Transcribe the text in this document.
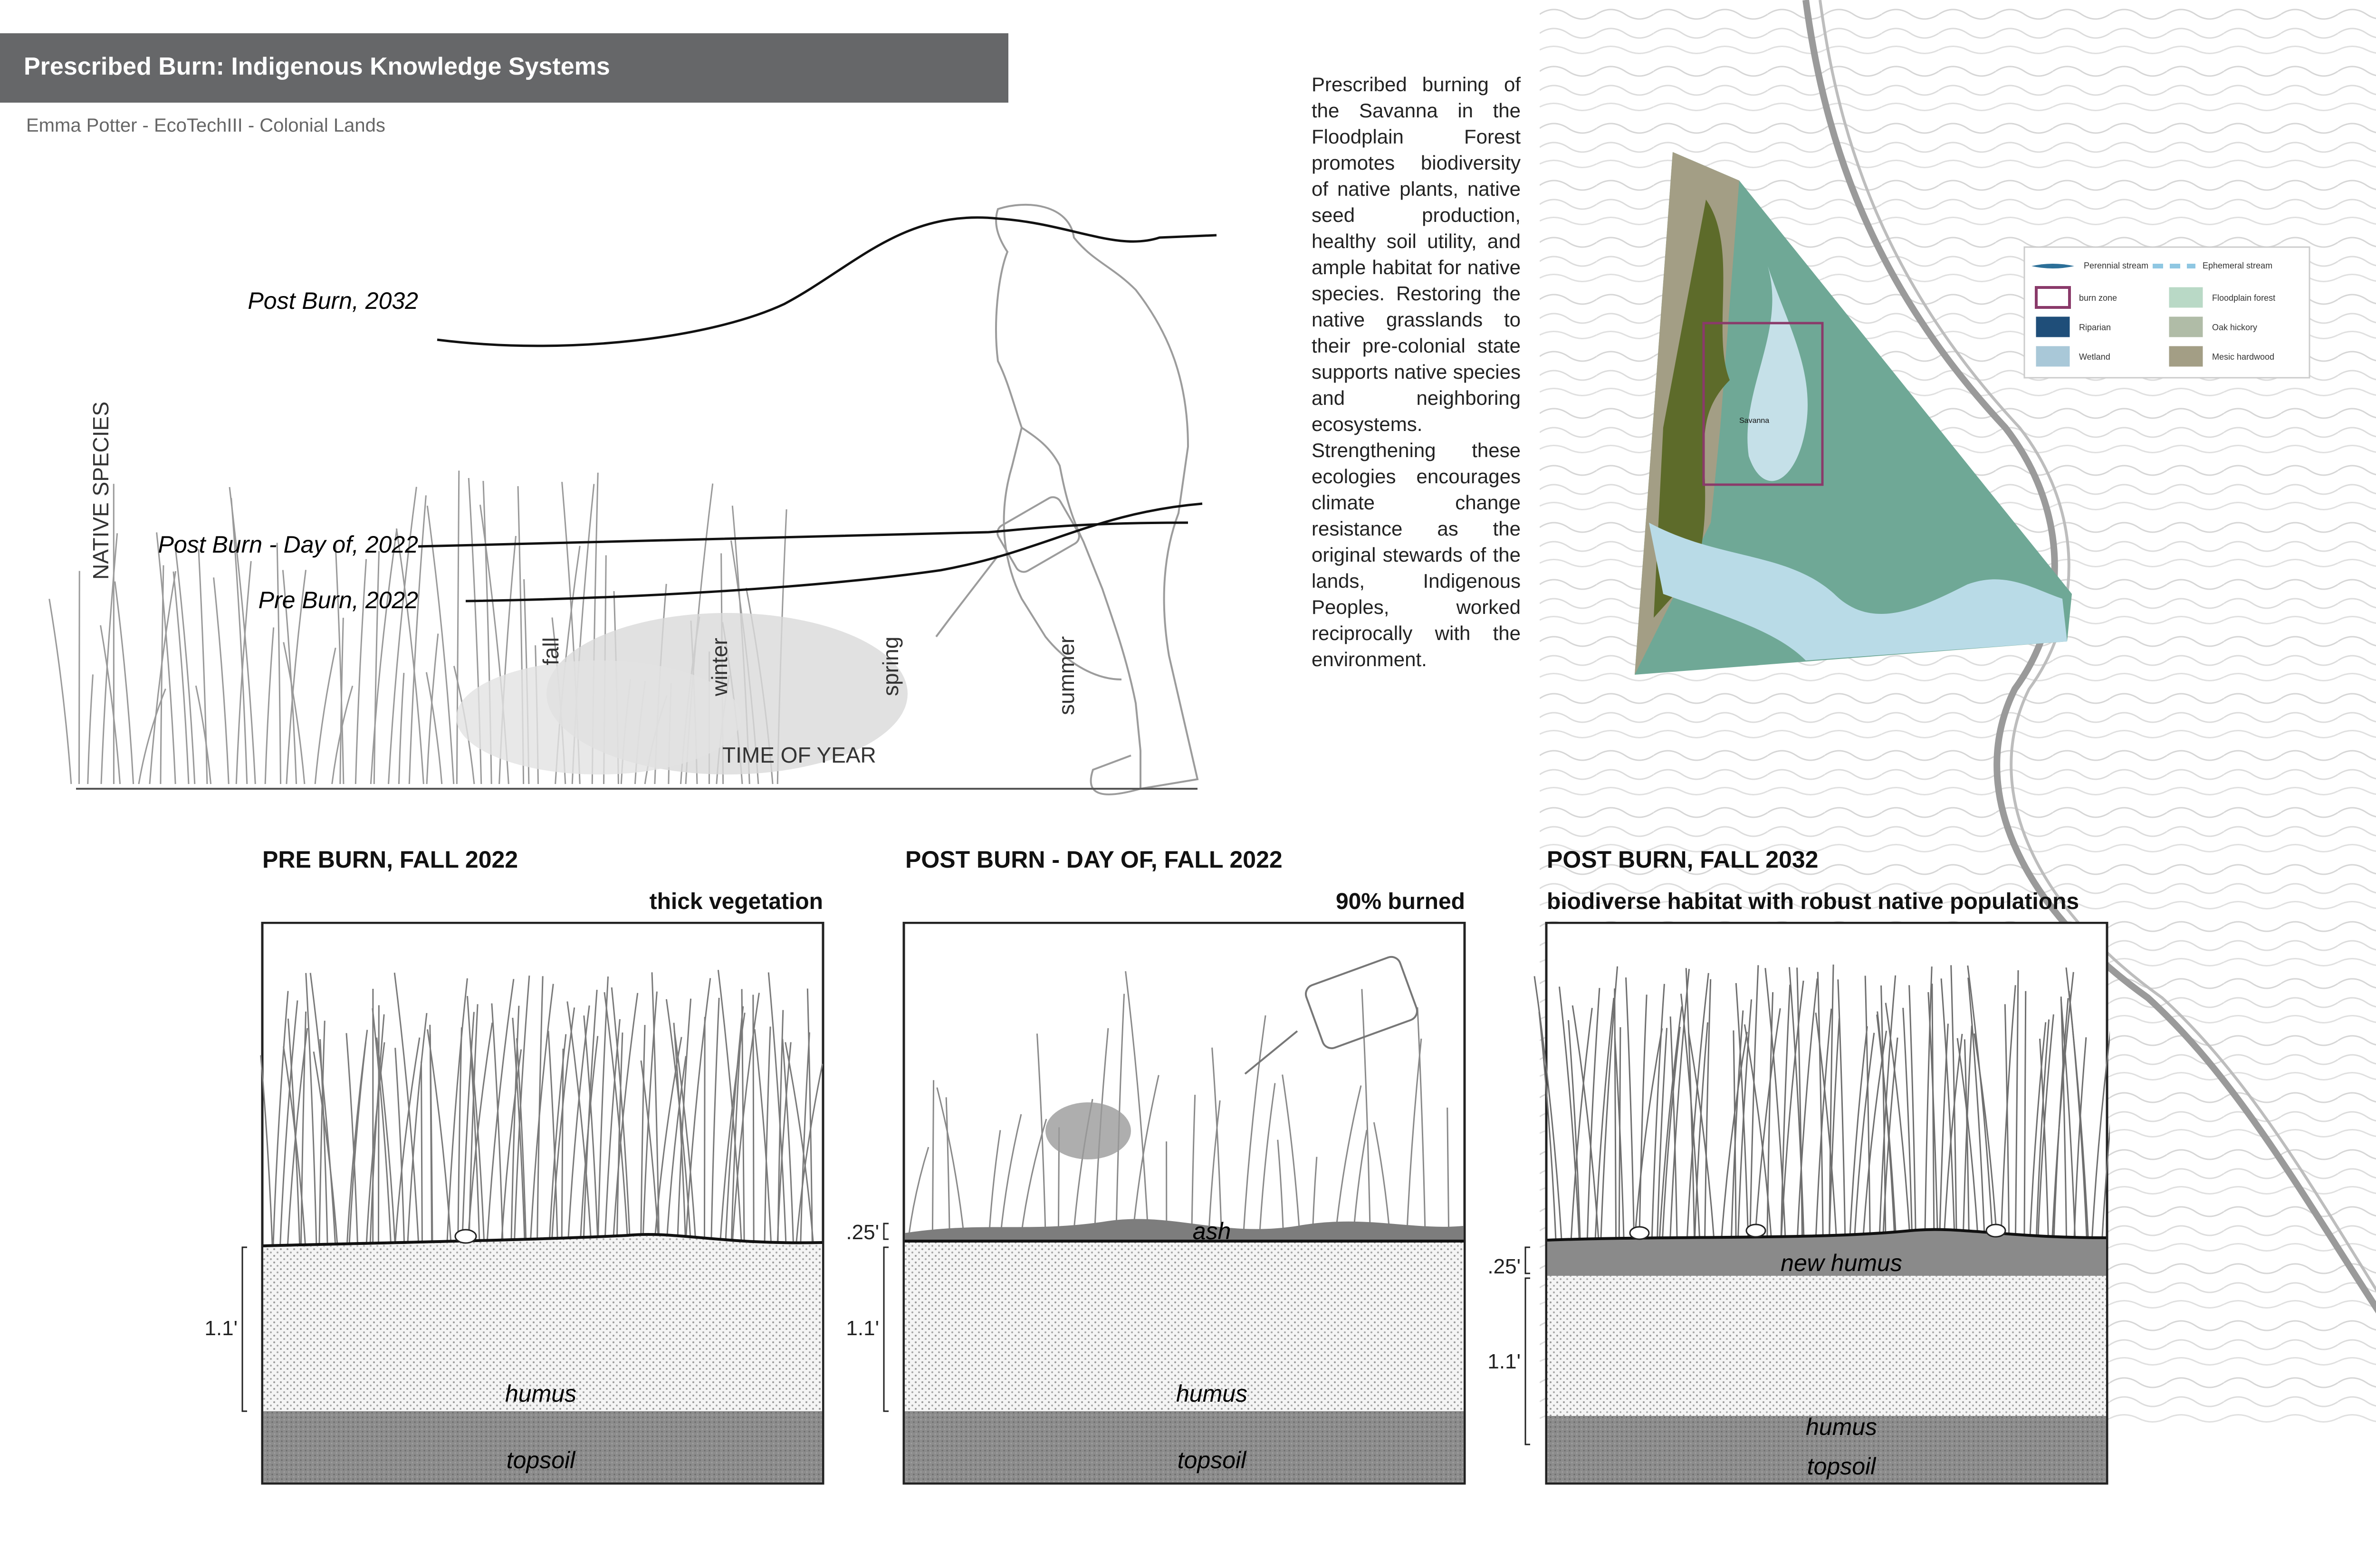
Prescribed Burn: Indigenous Knowledge Systems
Emma Potter - EcoTechIII - Colonial Lands
Prescribed burning of the Savanna in the Floodplain Forest promotes biodiversity of native plants, native seed production, healthy soil utility, and ample habitat for native species. Restoring the native grasslands to their pre-colonial state supports native species and neighboring ecosystems. Strengthening these ecologies encourages climate change resistance as the original stewards of the lands, Indigenous Peoples, worked reciprocally with the environment.
Savanna
Perennial stream	Ephemeral stream
burn zone	Floodplain forest
Riparian	Oak hickory
Wetland	Mesic hardwood
Post Burn, 2032
Post Burn - Day of, 2022
Pre Burn, 2022
NATIVE SPECIES
TIME OF YEAR
fall	winter	spring	summer
PRE BURN, FALL 2022
thick vegetation
POST BURN - DAY OF, FALL 2022
90% burned
POST BURN, FALL 2032
biodiverse habitat with robust native populations
humus
topsoil
1.1'
ash
humus
topsoil
.25'
1.1'
new humus
humus
topsoil
.25'
1.1'
